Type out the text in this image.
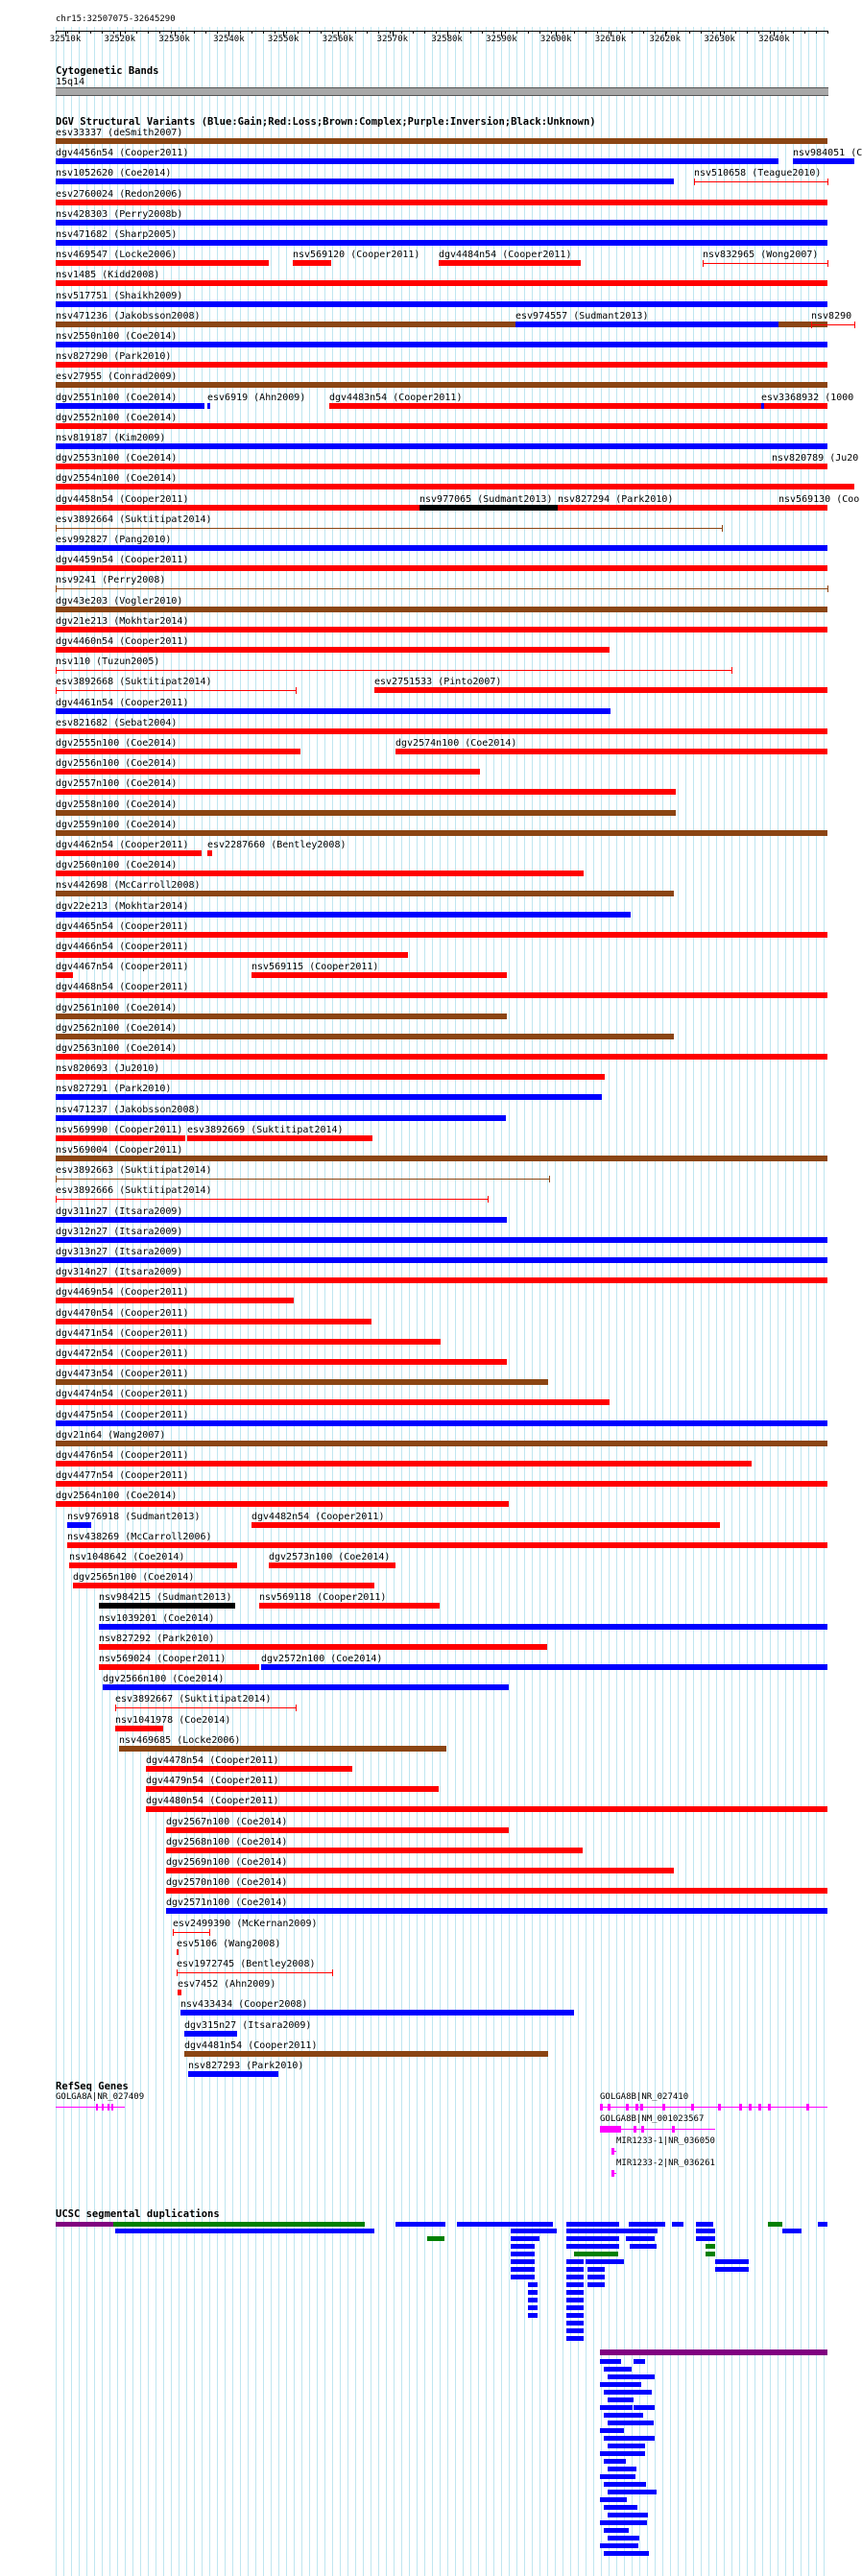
chr15:32507075-32645290
32510k	32520k	32530k	32540k	32550k	32560k	32570k	32580k	32590k	32600k	32610k	32620k	32630k	32640k
Cytogenetic Bands
15q14
DGV Structural Variants (Blue:Gain;Red:Loss;Brown:Complex;Purple:Inversion;Black:Unknown)
esv33337 (deSmith2007)
dgv4456n54 (Cooper2011)	nsv984051 (C
nsv1052620 (Coe2014)	nsv510658 (Teague2010)
esv2760024 (Redon2006)
nsv428303 (Perry2008b)
nsv471682 (Sharp2005)
nsv469547 (Locke2006)	nsv569120 (Cooper2011) dgv4484n54 (Cooper2011)	nsv832965 (Wong2007)
nsv1485 (Kidd2008)
nsv517751 (Shaikh2009)
nsv471236 (Jakobsson2008)	esv974557 (Sudmant2013)	nsv8290
nsv2550n100 (Coe2014)
nsv827290 (Park2010)
esv27955 (Conrad2009)
dgv2551n100 (Coe2014)	esv6919 (Ahn2009) dgv4483n54 (Cooper2011)	esv3368932 (1000
dgv2552n100 (Coe2014)
nsv819187 (Kim2009)
dgv2553n100 (Coe2014)	nsv820789 (Ju20
dgv2554n100 (Coe2014)
dgv4458n54 (Cooper2011)	nsv977065 (Sudmant2013) nsv827294 (Park2010)	nsv569130 (Coo
esv3892664 (Suktitipat2014)
esv992827 (Pang2010)
dgv4459n54 (Cooper2011)
nsv9241 (Perry2008)
dgv43e203 (Vogler2010)
dgv21e213 (Mokhtar2014)
dgv4460n54 (Cooper2011)
nsv110 (Tuzun2005)
esv3892668 (Suktitipat2014)	esv2751533 (Pinto2007)
dgv4461n54 (Cooper2011)
esv821682 (Sebat2004)
dgv2555n100 (Coe2014)	dgv2574n100 (Coe2014)
dgv2556n100 (Coe2014)
dgv2557n100 (Coe2014)
dgv2558n100 (Coe2014)
dgv2559n100 (Coe2014)
dgv4462n54 (Cooper2011) esv2287660 (Bentley2008)
dgv2560n100 (Coe2014)
nsv442698 (McCarroll2008)
dgv22e213 (Mokhtar2014)
dgv4465n54 (Cooper2011)
dgv4466n54 (Cooper2011)
dgv4467n54 (Cooper2011)	nsv569115 (Cooper2011)
dgv4468n54 (Cooper2011)
dgv2561n100 (Coe2014)
dgv2562n100 (Coe2014)
dgv2563n100 (Coe2014)
nsv820693 (Ju2010)
nsv827291 (Park2010)
nsv471237 (Jakobsson2008)
nsv569990 (Cooper2011) esv3892669 (Suktitipat2014)
nsv569004 (Cooper2011)
esv3892663 (Suktitipat2014)
esv3892666 (Suktitipat2014)
dgv311n27 (Itsara2009)
dgv312n27 (Itsara2009)
dgv313n27 (Itsara2009)
dgv314n27 (Itsara2009)
dgv4469n54 (Cooper2011)
dgv4470n54 (Cooper2011)
dgv4471n54 (Cooper2011)
dgv4472n54 (Cooper2011)
dgv4473n54 (Cooper2011)
dgv4474n54 (Cooper2011)
dgv4475n54 (Cooper2011)
dgv21n64 (Wang2007)
dgv4476n54 (Cooper2011)
dgv4477n54 (Cooper2011)
dgv2564n100 (Coe2014)
nsv976918 (Sudmant2013)	dgv4482n54 (Cooper2011)
nsv438269 (McCarroll2006)
nsv1048642 (Coe2014)	dgv2573n100 (Coe2014)
dgv2565n100 (Coe2014)
nsv984215 (Sudmant2013)	nsv569118 (Cooper2011)
nsv1039201 (Coe2014)
nsv827292 (Park2010)
nsv569024 (Cooper2011)	dgv2572n100 (Coe2014)
dgv2566n100 (Coe2014)
esv3892667 (Suktitipat2014)
nsv1041978 (Coe2014)
nsv469685 (Locke2006)
dgv4478n54 (Cooper2011)
dgv4479n54 (Cooper2011)
dgv4480n54 (Cooper2011)
dgv2567n100 (Coe2014)
dgv2568n100 (Coe2014)
dgv2569n100 (Coe2014)
dgv2570n100 (Coe2014)
dgv2571n100 (Coe2014)
esv2499390 (McKernan2009)
esv5106 (Wang2008)
esv1972745 (Bentley2008)
esv7452 (Ahn2009)
nsv433434 (Cooper2008)
dgv315n27 (Itsara2009)
dgv4481n54 (Cooper2011)
nsv827293 (Park2010)
RefSeq Genes
GOLGA8A|NR_027409	GOLGA8B|NR_027410
GOLGA8B|NM_001023567
MIR1233-1|NR_036050
MIR1233-2|NR_036261
UCSC segmental duplications
